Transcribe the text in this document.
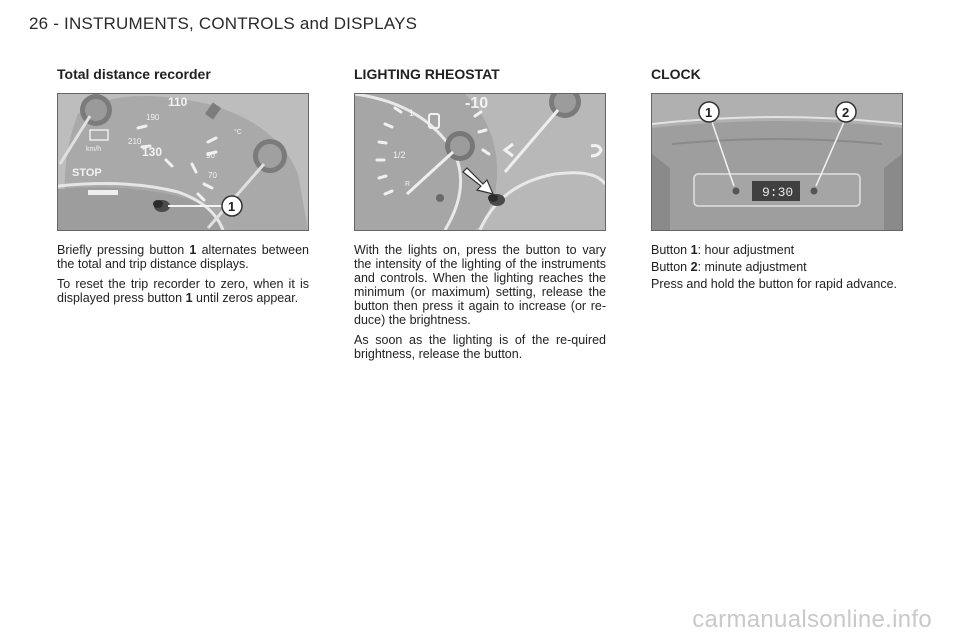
26 - INSTRUMENTS, CONTROLS and DISPLAYS
Total distance recorder
110
190
210
130
km/h
90
70
STOP
°C
1

Briefly pressing button 1 alternates between the total and trip distance displays.

To reset the trip recorder to zero, when it is displayed press button 1 until zeros appear.

LIGHTING RHEOSTAT
1
1/2
R
-10

With the lights on, press the button to vary the intensity of the lighting of the instruments and controls. When the lighting reaches the minimum (or maximum) setting, release the button then press it again to increase (or re-duce) the brightness.

As soon as the lighting is of the re-quired brightness, release the button.

CLOCK
9:30
1	2

Button 1: hour adjustment

Button 2: minute adjustment

Press and hold the button for rapid advance.

carmanualsonline.info
